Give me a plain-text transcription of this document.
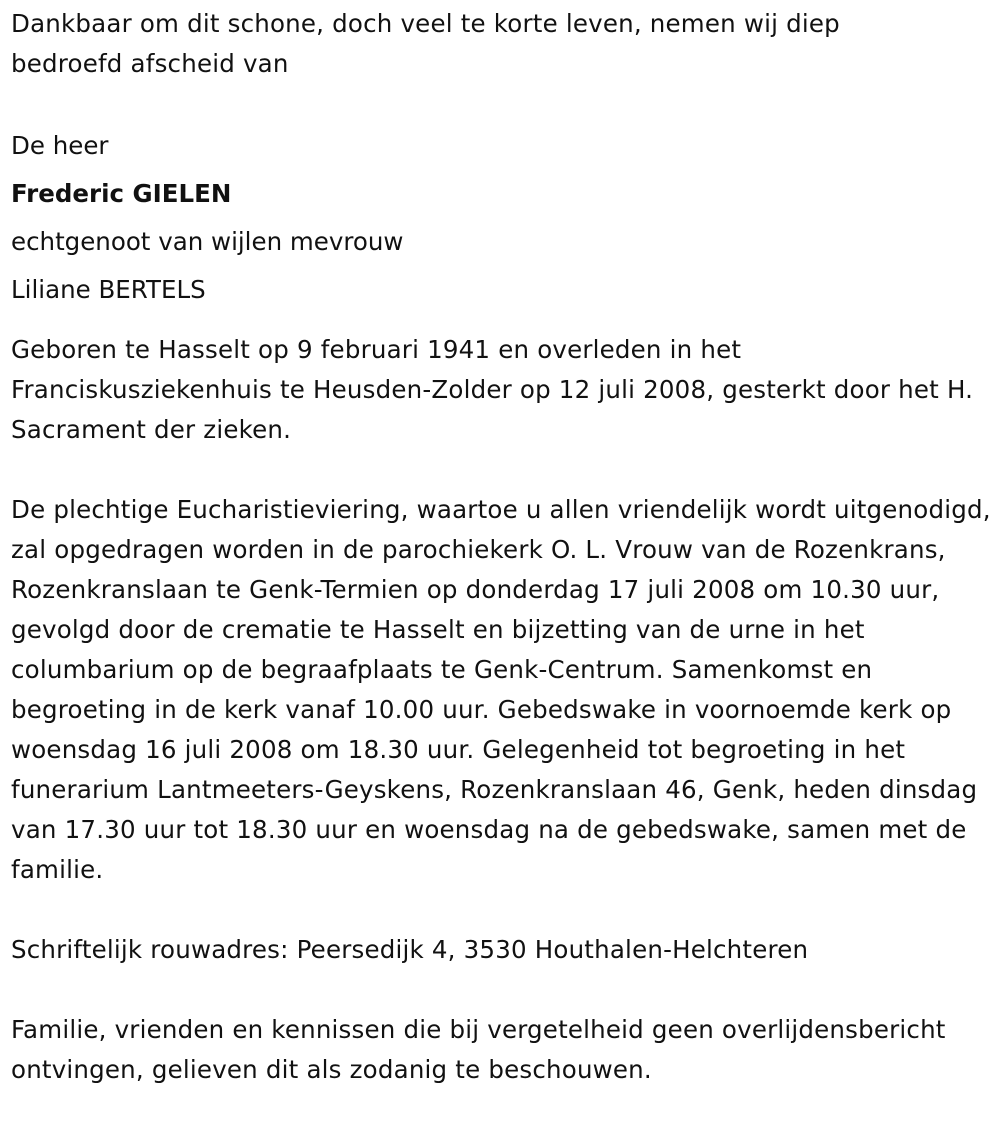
Dankbaar om dit schone, doch veel te korte leven, nemen wij diep bedroefd afscheid van

De heer

Frederic GIELEN

echtgenoot van wijlen mevrouw

Liliane BERTELS

Geboren te Hasselt op 9 februari 1941 en overleden in het Franciskusziekenhuis te Heusden-Zolder op 12 juli 2008, gesterkt door het H. Sacrament der zieken.

De plechtige Eucharistieviering, waartoe u allen vriendelijk wordt uitgenodigd, zal opgedragen worden in de parochiekerk O. L. Vrouw van de Rozenkrans, Rozenkranslaan te Genk-Termien op donderdag 17 juli 2008 om 10.30 uur, gevolgd door de crematie te Hasselt en bijzetting van de urne in het columbarium op de begraafplaats te Genk-Centrum. Samenkomst en begroeting in de kerk vanaf 10.00 uur. Gebedswake in voornoemde kerk op woensdag 16 juli 2008 om 18.30 uur. Gelegenheid tot begroeting in het funerarium Lantmeeters-Geyskens, Rozenkranslaan 46, Genk, heden dinsdag van 17.30 uur tot 18.30 uur en woensdag na de gebedswake, samen met de familie.

Schriftelijk rouwadres: Peersedijk 4, 3530 Houthalen-Helchteren

Familie, vrienden en kennissen die bij vergetelheid geen overlijdensbericht ontvingen, gelieven dit als zodanig te beschouwen.
